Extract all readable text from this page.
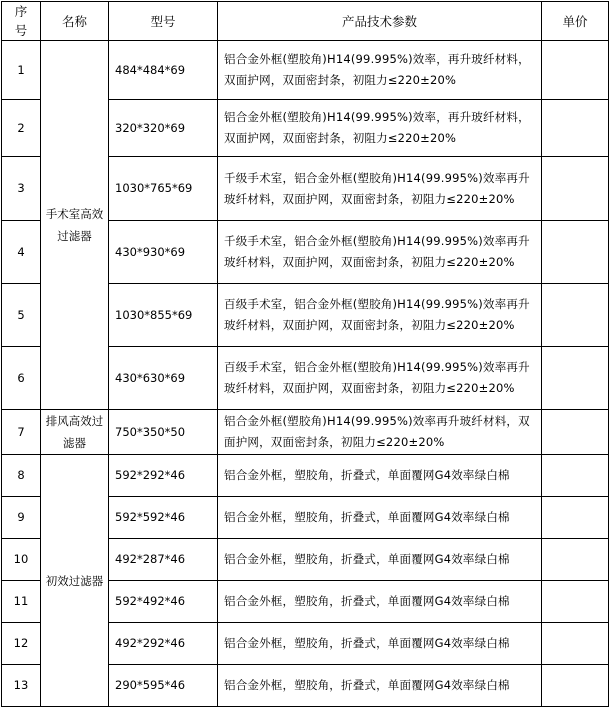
序号	名称	型号	产品技术参数	单价
1	手术室高效过滤器	484*484*69	铝合金外框(塑胶角)H14(99.995%)效率，再升玻纤材料，双面护网，双面密封条，初阻力≤220±20%	
2		320*320*69	铝合金外框(塑胶角)H14(99.995%)效率，再升玻纤材料，双面护网，双面密封条，初阻力≤220±20%	
3		1030*765*69	千级手术室，铝合金外框(塑胶角)H14(99.995%)效率再升玻纤材料，双面护网，双面密封条，初阻力≤220±20%	
4		430*930*69	千级手术室，铝合金外框(塑胶角)H14(99.995%)效率再升玻纤材料，双面护网，双面密封条，初阻力≤220±20%	
5		1030*855*69	百级手术室，铝合金外框(塑胶角)H14(99.995%)效率再升玻纤材料，双面护网，双面密封条，初阻力≤220±20%	
6		430*630*69	百级手术室，铝合金外框(塑胶角)H14(99.995%)效率再升玻纤材料，双面护网，双面密封条，初阻力≤220±20%	
7	排风高效过滤器	750*350*50	铝合金外框(塑胶角)H14(99.995%)效率再升玻纤材料，双面护网，双面密封条，初阻力≤220±20%	
8	初效过滤器	592*292*46	铝合金外框，塑胶角，折叠式，单面覆网G4效率绿白棉	
9		592*592*46	铝合金外框，塑胶角，折叠式，单面覆网G4效率绿白棉	
10		492*287*46	铝合金外框，塑胶角，折叠式，单面覆网G4效率绿白棉	
11		592*492*46	铝合金外框，塑胶角，折叠式，单面覆网G4效率绿白棉	
12		492*292*46	铝合金外框，塑胶角，折叠式，单面覆网G4效率绿白棉	
13		290*595*46	铝合金外框，塑胶角，折叠式，单面覆网G4效率绿白棉	
